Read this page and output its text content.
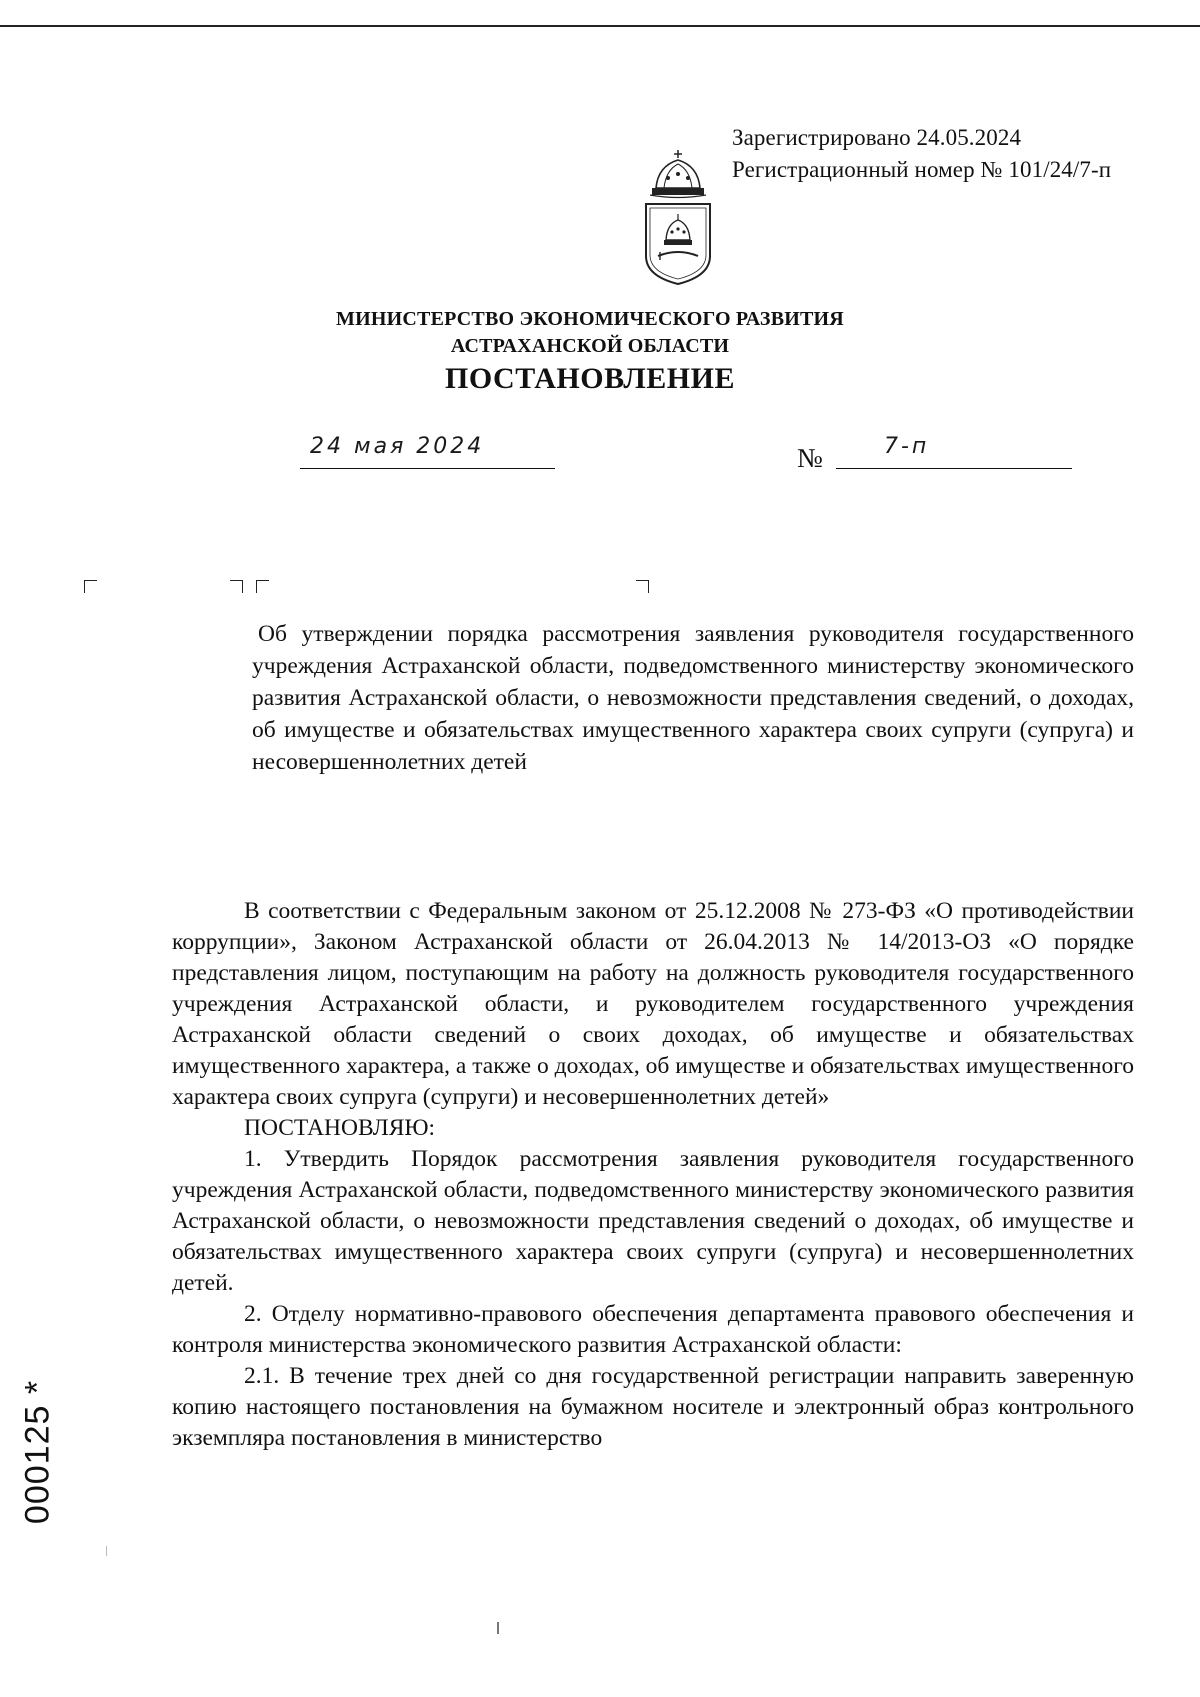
Зарегистрировано 24.05.2024
Регистрационный номер № 101/24/7-п
МИНИСТЕРСТВО ЭКОНОМИЧЕСКОГО РАЗВИТИЯ
АСТРАХАНСКОЙ ОБЛАСТИ
ПОСТАНОВЛЕНИЕ
24 мая 2024	№	7-п
Об утверждении порядка рассмотрения заявления руководителя государственного учреждения Астраханской области, подведомственного министерству экономического развития Астраханской области, о невозможности представления сведений, о доходах, об имуществе и обязательствах имущественного характера своих супруги (супруга) и несовершеннолетних детей

В соответствии с Федеральным законом от 25.12.2008 № 273-ФЗ «О противодействии коррупции», Законом Астраханской области от 26.04.2013 № 14/2013-ОЗ «О порядке представления лицом, поступающим на работу на должность руководителя государственного учреждения Астраханской области, и руководителем государственного учреждения Астраханской области сведений о своих доходах, об имуществе и обязательствах имущественного характера, а также о доходах, об имуществе и обязательствах имущественного характера своих супруга (супруги) и несовершеннолетних детей»

ПОСТАНОВЛЯЮ:

1. Утвердить Порядок рассмотрения заявления руководителя государственного учреждения Астраханской области, подведомственного министерству экономического развития Астраханской области, о невозможности представления сведений о доходах, об имуществе и обязательствах имущественного характера своих супруги (супруга) и несовершеннолетних детей.

2. Отделу нормативно-правового обеспечения департамента правового обеспечения и контроля министерства экономического развития Астраханской области:

2.1. В течение трех дней со дня государственной регистрации направить заверенную копию настоящего постановления на бумажном носителе и электронный образ контрольного экземпляра постановления в министерство

000125 *
